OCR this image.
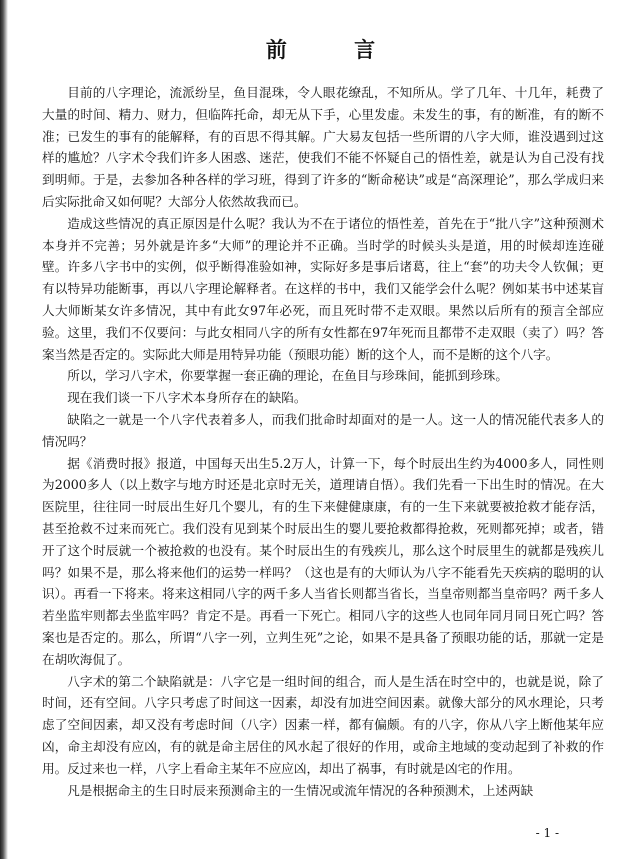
前 言

目前的八字理论，流派纷呈，鱼目混珠，令人眼花缭乱，不知所从。学了几年、十几年，耗费了大量的时间、精力、财力，但临阵托命，却无从下手，心里发虚。未发生的事，有的断准，有的断不准；已发生的事有的能解释，有的百思不得其解。广大易友包括一些所谓的八字大师，谁没遇到过这样的尴尬？八字术令我们许多人困惑、迷茫，使我们不能不怀疑自己的悟性差，就是认为自己没有找到明师。于是，去参加各种各样的学习班，得到了许多的“断命秘诀”或是“高深理论”，那么学成归来后实际批命又如何呢？大部分人依然故我而已。

造成这些情况的真正原因是什么呢？我认为不在于诸位的悟性差，首先在于“批八字”这种预测术本身并不完善；另外就是许多“大师”的理论并不正确。当时学的时候头头是道，用的时候却连连碰壁。许多八字书中的实例，似乎断得准验如神，实际好多是事后诸葛，往上“套”的功夫令人钦佩；更有以特异功能断事，再以八字理论解释者。在这样的书中，我们又能学会什么呢？例如某书中述某盲人大师断某女许多情况，其中有此女97年必死，而且死时带不走双眼。果然以后所有的预言全部应验。这里，我们不仅要问：与此女相同八字的所有女性都在97年死而且都带不走双眼（卖了）吗？答案当然是否定的。实际此大师是用特异功能（预眼功能）断的这个人，而不是断的这个八字。

所以，学习八字术，你要掌握一套正确的理论，在鱼目与珍珠间，能抓到珍珠。

现在我们谈一下八字术本身所存在的缺陷。

缺陷之一就是一个八字代表着多人，而我们批命时却面对的是一人。这一人的情况能代表多人的情况吗？

据《消费时报》报道，中国每天出生5.2万人，计算一下，每个时辰出生约为4000多人，同性则为2000多人（以上数字与地方时还是北京时无关，道理请自悟）。我们先看一下出生时的情况。在大医院里，往往同一时辰出生好几个婴儿，有的生下来健健康康，有的一生下来就要被抢救才能存活，甚至抢救不过来而死亡。我们没有见到某个时辰出生的婴儿要抢救都得抢救，死则都死掉；或者，错开了这个时辰就一个被抢救的也没有。某个时辰出生的有残疾儿，那么这个时辰里生的就都是残疾儿吗？如果不是，那么将来他们的运势一样吗？（这也是有的大师认为八字不能看先天疾病的聪明的认识）。再看一下将来。将来这相同八字的两千多人当省长则都当省长，当皇帝则都当皇帝吗？两千多人若坐监牢则都去坐监牢吗？肯定不是。再看一下死亡。相同八字的这些人也同年同月同日死亡吗？答案也是否定的。那么，所谓“八字一列，立判生死”之论，如果不是具备了预眼功能的话，那就一定是在胡吹海侃了。

八字术的第二个缺陷就是：八字它是一组时间的组合，而人是生活在时空中的，也就是说，除了时间，还有空间。八字只考虑了时间这一因素，却没有加进空间因素。就像大部分的风水理论，只考虑了空间因素，却又没有考虑时间（八字）因素一样，都有偏颇。有的八字，你从八字上断他某年应凶，命主却没有应凶，有的就是命主居住的风水起了很好的作用，或命主地域的变动起到了补救的作用。反过来也一样，八字上看命主某年不应应凶，却出了祸事，有时就是凶宅的作用。

凡是根据命主的生日时辰来预测命主的一生情况或流年情况的各种预测术，上述两缺

- 1 -
